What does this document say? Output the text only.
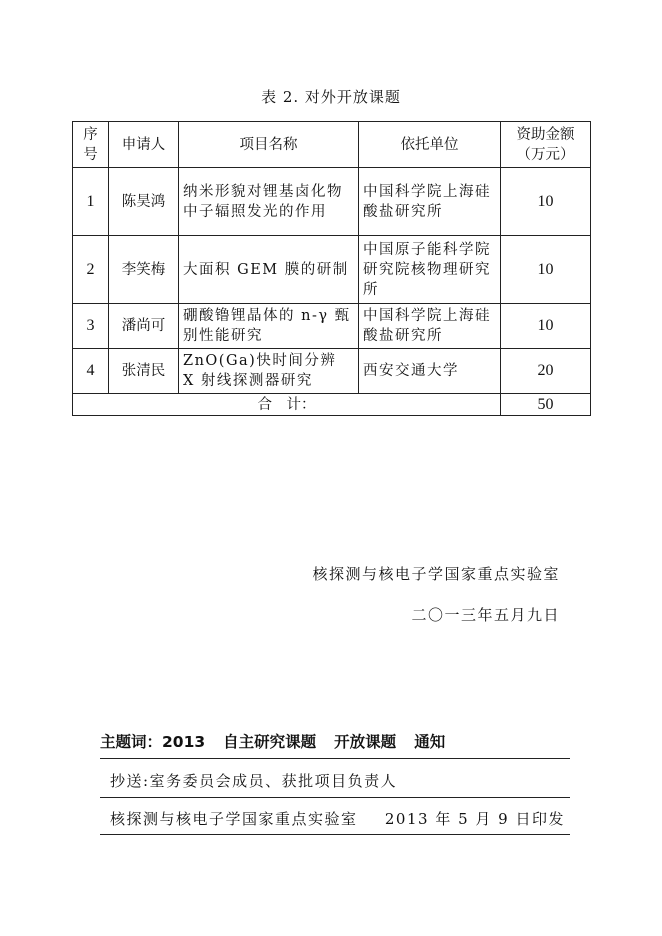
表 2. 对外开放课题
序号	申请人	项目名称	依托单位	资助金额（万元）
1	陈昊鸿	纳米形貌对锂基卤化物中子辐照发光的作用	中国科学院上海硅酸盐研究所	10
2	李笑梅	大面积 GEM 膜的研制	中国原子能科学院研究院核物理研究所	10
3	潘尚可	硼酸镥锂晶体的 n-γ 甄别性能研究	中国科学院上海硅酸盐研究所	10
4	张清民	ZnO(Ga)快时间分辨 X 射线探测器研究	西安交通大学	20
合　计：				50
核探测与核电子学国家重点实验室
二〇一三年五月九日
主题词：2013 自主研究课题 开放课题 通知
抄送:室务委员会成员、获批项目负责人
核探测与核电子学国家重点实验室 2013 年 5 月 9 日印发
